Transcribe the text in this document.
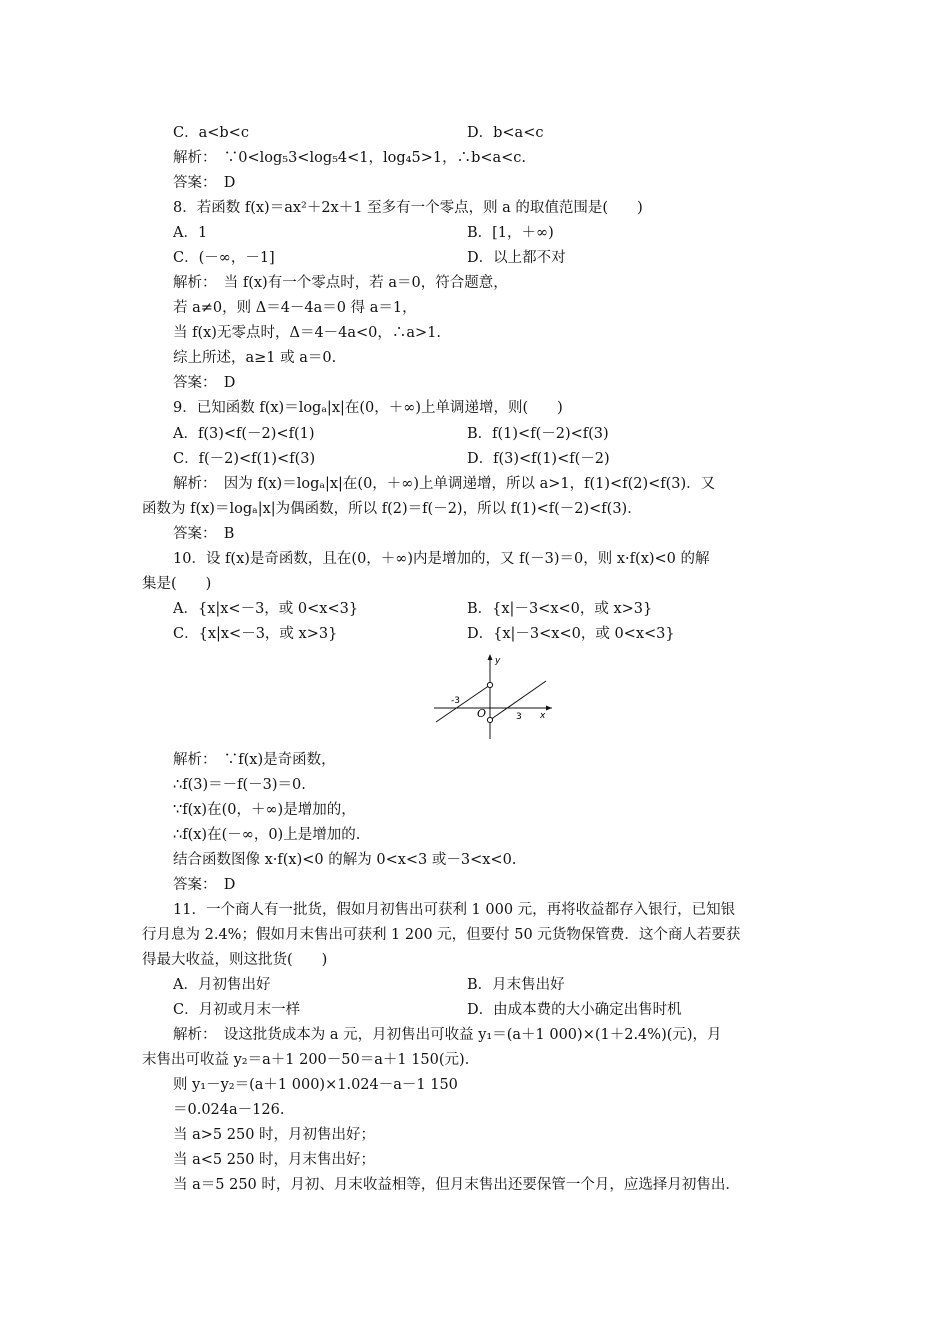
C．a<b<c	D．b<a<c
解析：　∵0<log₅3<log₅4<1，log₄5>1，∴b<a<c.
答案：　D
8．若函数 f(x)＝ax²＋2x＋1 至多有一个零点，则 a 的取值范围是(　　)
A．1	B．[1，＋∞)
C．(－∞，－1]	D．以上都不对
解析：　当 f(x)有一个零点时，若 a＝0，符合题意，
若 a≠0，则 Δ＝4－4a＝0 得 a＝1，
当 f(x)无零点时，Δ＝4－4a<0，∴a>1.
综上所述，a≥1 或 a＝0.
答案：　D
9．已知函数 f(x)＝logₐ|x|在(0，＋∞)上单调递增，则(　　)
A．f(3)<f(－2)<f(1)	B．f(1)<f(－2)<f(3)
C．f(－2)<f(1)<f(3)	D．f(3)<f(1)<f(－2)
解析：　因为 f(x)＝logₐ|x|在(0，＋∞)上单调递增，所以 a>1，f(1)<f(2)<f(3)．又
函数为 f(x)＝logₐ|x|为偶函数，所以 f(2)＝f(－2)，所以 f(1)<f(－2)<f(3)．
答案：　B
10．设 f(x)是奇函数，且在(0，＋∞)内是增加的，又 f(－3)＝0，则 x·f(x)<0 的解
集是(　　)
A．{x|x<－3，或 0<x<3}	B．{x|－3<x<0，或 x>3}
C．{x|x<－3，或 x>3}	D．{x|－3<x<0，或 0<x<3}
y
x
O
-3
3
解析：　∵f(x)是奇函数，
∴f(3)＝－f(－3)＝0.
∵f(x)在(0，＋∞)是增加的，
∴f(x)在(－∞，0)上是增加的.
结合函数图像 x·f(x)<0 的解为 0<x<3 或－3<x<0.
答案：　D
11．一个商人有一批货，假如月初售出可获利 1 000 元，再将收益都存入银行，已知银
行月息为 2.4%；假如月末售出可获利 1 200 元，但要付 50 元货物保管费．这个商人若要获
得最大收益，则这批货(　　)
A．月初售出好	B．月末售出好
C．月初或月末一样	D．由成本费的大小确定出售时机
解析：　设这批货成本为 a 元，月初售出可收益 y₁＝(a＋1 000)×(1＋2.4%)(元)，月
末售出可收益 y₂＝a＋1 200－50＝a＋1 150(元)．
则 y₁－y₂＝(a＋1 000)×1.024－a－1 150
＝0.024a－126.
当 a>5 250 时，月初售出好；
当 a<5 250 时，月末售出好；
当 a＝5 250 时，月初、月末收益相等，但月末售出还要保管一个月，应选择月初售出．
